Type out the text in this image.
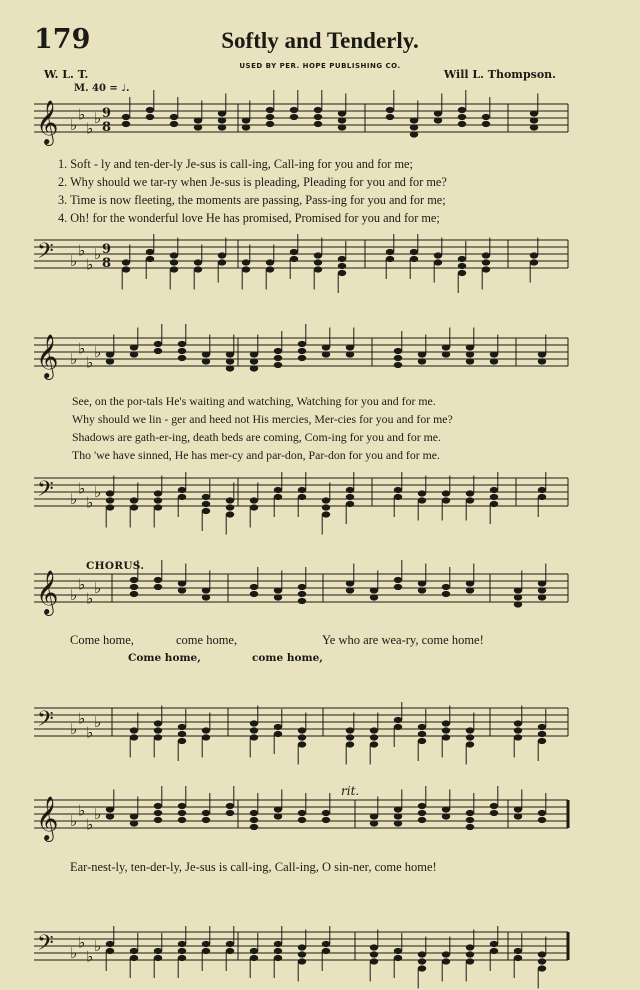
179	Softly and Tenderly.
USED BY PER. HOPE PUBLISHING CO.
W. L. T.	Will L. Thompson.
M. 40 = ♩.
1. Soft - ly and ten-der-ly Je-sus is call-ing, Call-ing for you and for me;
2. Why should we tar-ry when Je-sus is pleading, Pleading for you and for me?
3. Time is now fleeting, the moments are passing, Pass-ing for you and for me;
4. Oh! for the wonderful love He has promised, Promised for you and for me;
See, on the por-tals He's waiting and watching, Watching for you and for me.
Why should we lin - ger and heed not His mercies, Mer-cies for you and for me?
Shadows are gath-er-ing, death beds are coming, Com-ing for you and for me.
Tho 'we have sinned, He has mer-cy and par-don, Par-don for you and for me.
CHORUS.
Come home,	come home,	Ye who are wea-ry, come home!
Come home,	come home,
rit.
Ear-nest-ly, ten-der-ly, Je-sus is call-ing, Call-ing, O sin-ner, come home!
𝄞 ♭
♭
♭
♭ 9
8
𝄢 ♭
♭
♭
♭ 9
8
𝄞 ♭
♭
♭
♭
𝄢 ♭
♭
♭
♭
𝄞 ♭
♭
♭
♭
𝄢 ♭
♭
♭
♭
𝄞 ♭
♭
♭
♭
𝄢 ♭
♭
♭
♭
